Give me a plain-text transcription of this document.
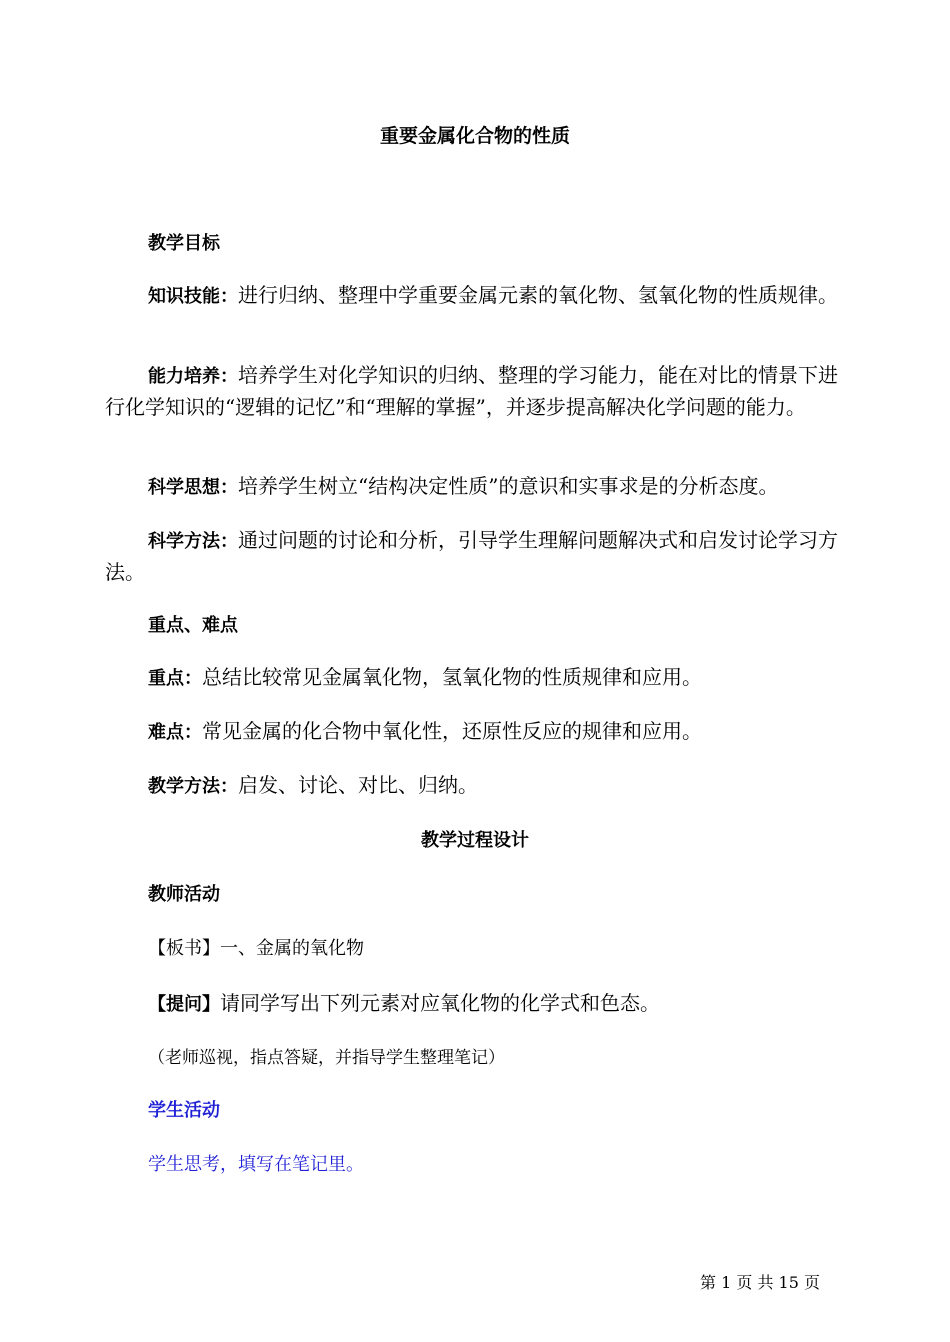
重要金属化合物的性质
教学目标

知识技能：进行归纳、整理中学重要金属元素的氧化物、氢氧化物的性质规律。

能力培养：培养学生对化学知识的归纳、整理的学习能力，能在对比的情景下进行化学知识的“逻辑的记忆”和“理解的掌握”，并逐步提高解决化学问题的能力。

科学思想：培养学生树立“结构决定性质”的意识和实事求是的分析态度。

科学方法：通过问题的讨论和分析，引导学生理解问题解决式和启发讨论学习方法。

重点、难点
重点：总结比较常见金属氧化物，氢氧化物的性质规律和应用。
难点：常见金属的化合物中氧化性，还原性反应的规律和应用。
教学方法：启发、讨论、对比、归纳。
教学过程设计
教师活动
【板书】一、金属的氧化物
【提问】请同学写出下列元素对应氧化物的化学式和色态。
（老师巡视，指点答疑，并指导学生整理笔记）
学生活动
学生思考，填写在笔记里。
第 1 页 共 15 页
